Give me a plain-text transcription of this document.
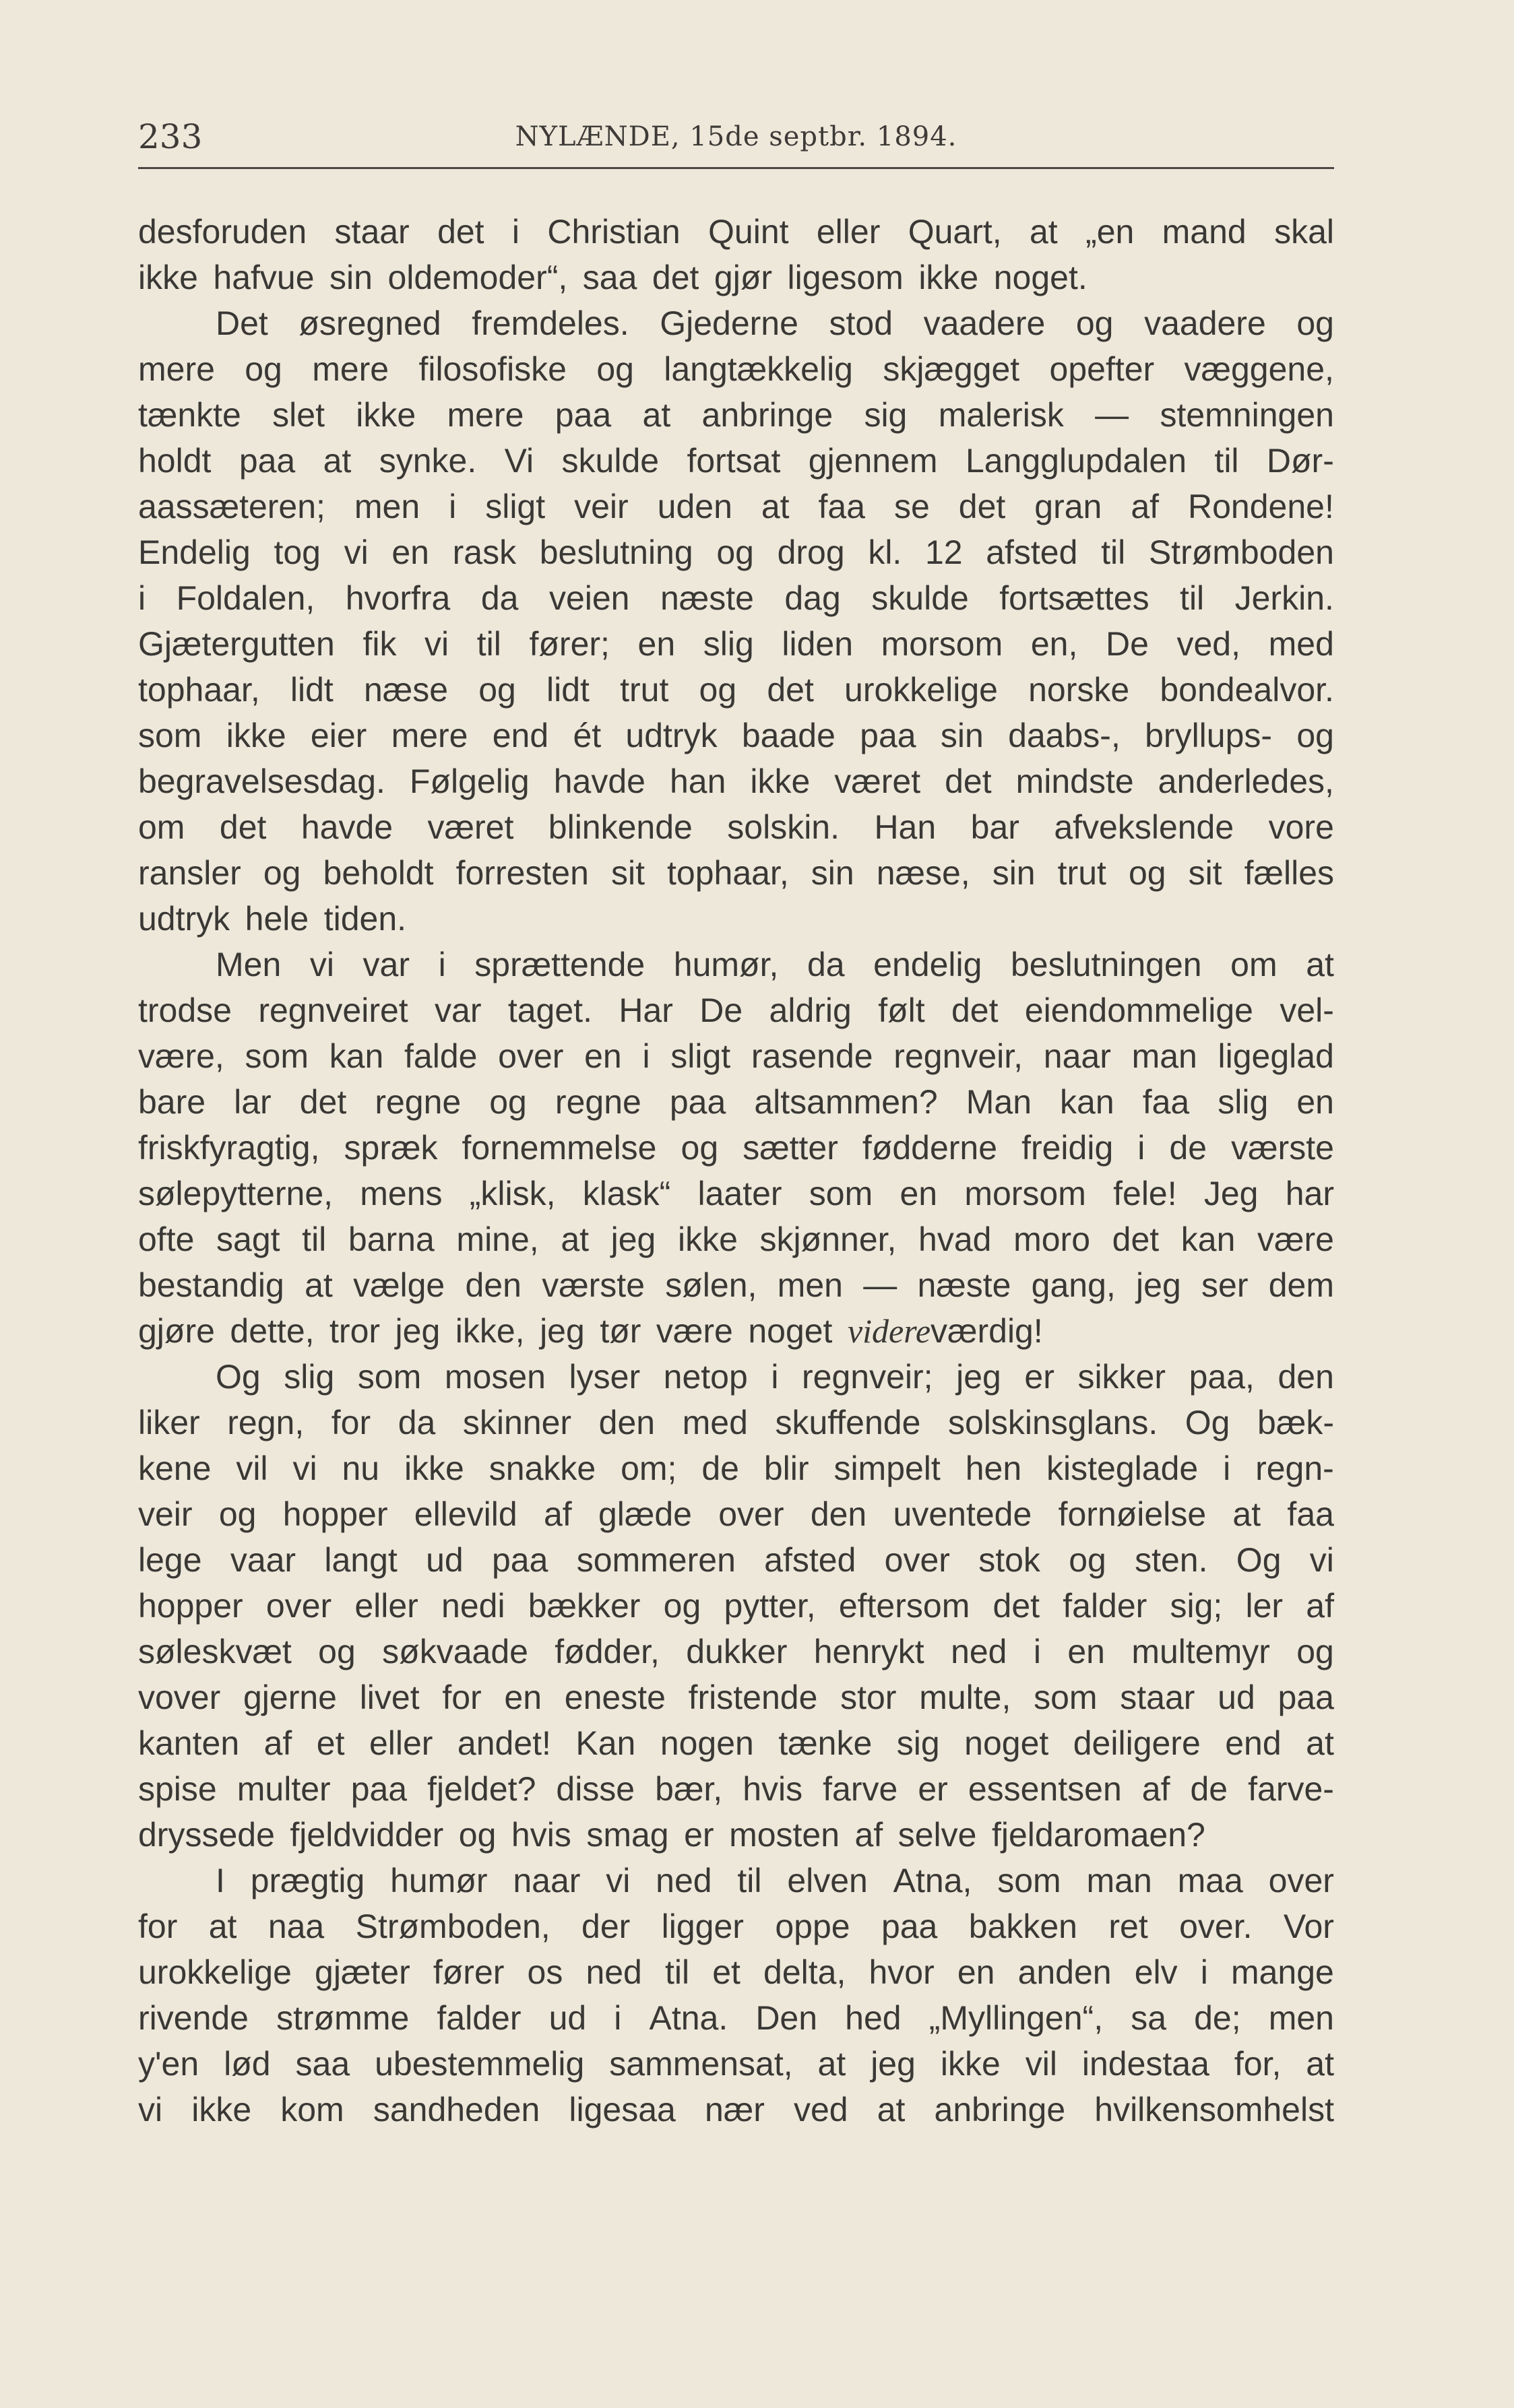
233	NYLÆNDE, 15de septbr. 1894.
desforuden staar det i Christian Quint eller Quart, at „en mand skal
ikke hafvue sin oldemoder“, saa det gjør ligesom ikke noget.
Det øsregned fremdeles. Gjederne stod vaadere og vaadere og
mere og mere filosofiske og langtækkelig skjægget opefter væggene,
tænkte slet ikke mere paa at anbringe sig malerisk — stemningen
holdt paa at synke. Vi skulde fortsat gjennem Langglupdalen til Dør-
aassæteren; men i sligt veir uden at faa se det gran af Rondene!
Endelig tog vi en rask beslutning og drog kl. 12 afsted til Strømboden
i Foldalen, hvorfra da veien næste dag skulde fortsættes til Jerkin.
Gjætergutten fik vi til fører; en slig liden morsom en, De ved, med
tophaar, lidt næse og lidt trut og det urokkelige norske bondealvor.
som ikke eier mere end ét udtryk baade paa sin daabs-, bryllups- og
begravelsesdag. Følgelig havde han ikke været det mindste anderledes,
om det havde været blinkende solskin. Han bar afvekslende vore
ransler og beholdt forresten sit tophaar, sin næse, sin trut og sit fælles
udtryk hele tiden.
Men vi var i sprættende humør, da endelig beslutningen om at
trodse regnveiret var taget. Har De aldrig følt det eiendommelige vel-
være, som kan falde over en i sligt rasende regnveir, naar man ligeglad
bare lar det regne og regne paa altsammen? Man kan faa slig en
friskfyragtig, spræk fornemmelse og sætter fødderne freidig i de værste
sølepytterne, mens „klisk, klask“ laater som en morsom fele! Jeg har
ofte sagt til barna mine, at jeg ikke skjønner, hvad moro det kan være
bestandig at vælge den værste sølen, men — næste gang, jeg ser dem
gjøre dette, tror jeg ikke, jeg tør være noget videre værdig!
Og slig som mosen lyser netop i regnveir; jeg er sikker paa, den
liker regn, for da skinner den med skuffende solskinsglans. Og bæk-
kene vil vi nu ikke snakke om; de blir simpelt hen kisteglade i regn-
veir og hopper ellevild af glæde over den uventede fornøielse at faa
lege vaar langt ud paa sommeren afsted over stok og sten. Og vi
hopper over eller nedi bækker og pytter, eftersom det falder sig; ler af
søleskvæt og søkvaade fødder, dukker henrykt ned i en multemyr og
vover gjerne livet for en eneste fristende stor multe, som staar ud paa
kanten af et eller andet! Kan nogen tænke sig noget deiligere end at
spise multer paa fjeldet? disse bær, hvis farve er essentsen af de farve-
dryssede fjeldvidder og hvis smag er mosten af selve fjeldaromaen?
I prægtig humør naar vi ned til elven Atna, som man maa over
for at naa Strømboden, der ligger oppe paa bakken ret over. Vor
urokkelige gjæter fører os ned til et delta, hvor en anden elv i mange
rivende strømme falder ud i Atna. Den hed „Myllingen“, sa de; men
y'en lød saa ubestemmelig sammensat, at jeg ikke vil indestaa for, at
vi ikke kom sandheden ligesaa nær ved at anbringe hvilkensomhelst
